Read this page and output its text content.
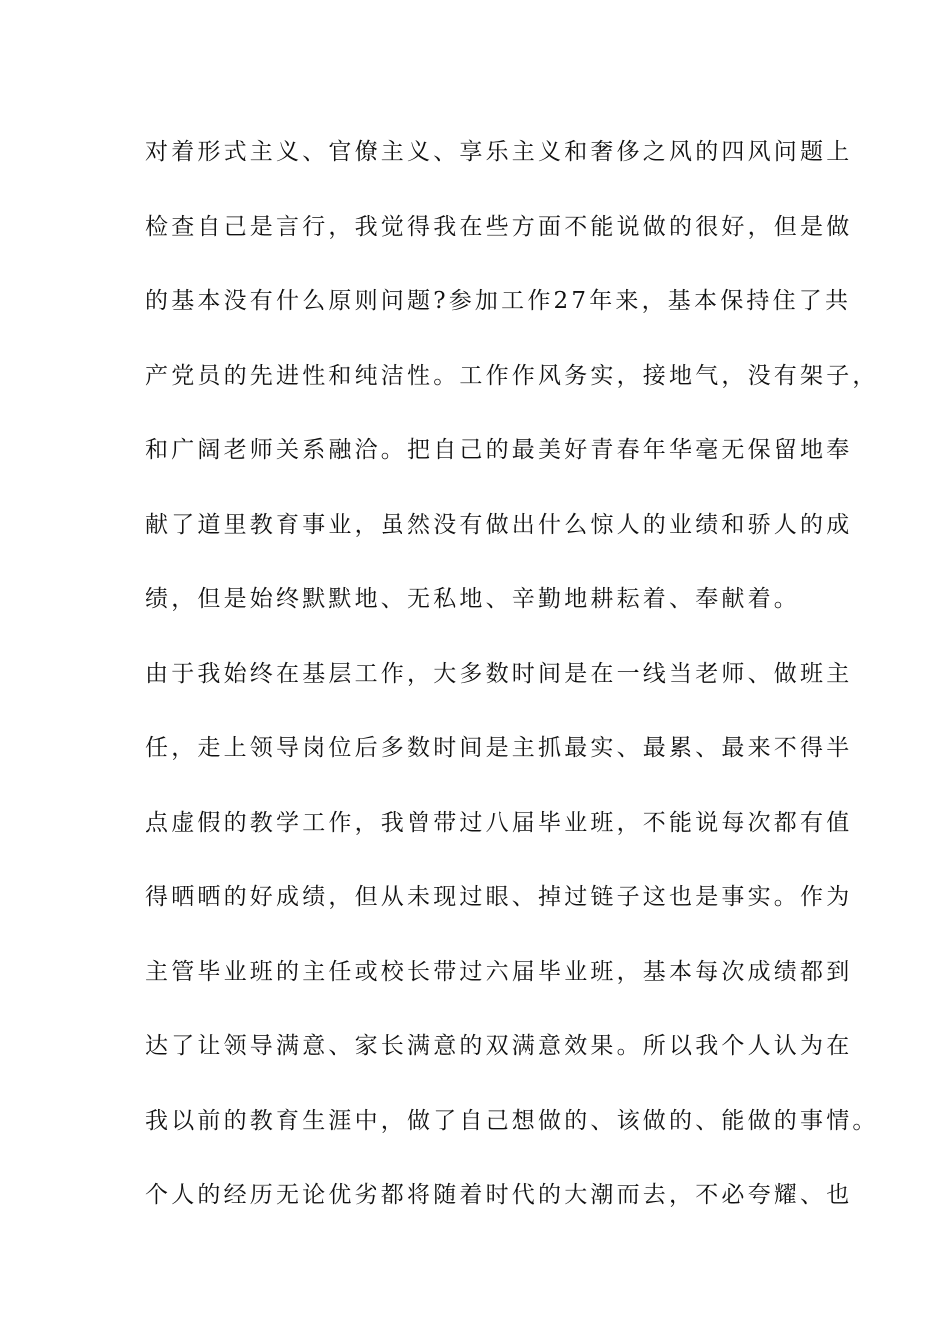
对着形式主义、官僚主义、享乐主义和奢侈之风的四风问题上
检查自己是言行，我觉得我在些方面不能说做的很好，但是做
的基本没有什么原则问题?参加工作27年来，基本保持住了共
产党员的先进性和纯洁性。工作作风务实，接地气，没有架子，
和广阔老师关系融洽。把自己的最美好青春年华毫无保留地奉
献了道里教育事业，虽然没有做出什么惊人的业绩和骄人的成
绩，但是始终默默地、无私地、辛勤地耕耘着、奉献着。
由于我始终在基层工作，大多数时间是在一线当老师、做班主
任，走上领导岗位后多数时间是主抓最实、最累、最来不得半
点虚假的教学工作，我曾带过八届毕业班，不能说每次都有值
得晒晒的好成绩，但从未现过眼、掉过链子这也是事实。作为
主管毕业班的主任或校长带过六届毕业班，基本每次成绩都到
达了让领导满意、家长满意的双满意效果。所以我个人认为在
我以前的教育生涯中，做了自己想做的、该做的、能做的事情。
个人的经历无论优劣都将随着时代的大潮而去，不必夸耀、也
